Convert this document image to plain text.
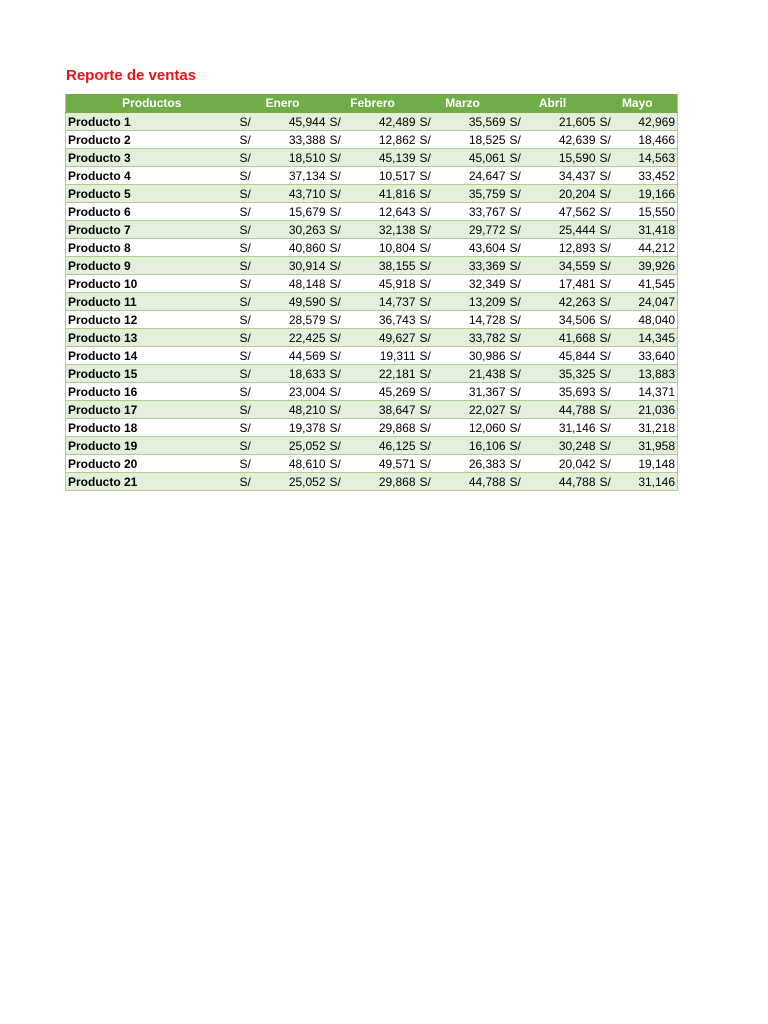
Reporte de ventas
Productos	Enero		Febrero		Marzo		Abril		Mayo	
Producto 1	S/	45,944	S/	42,489	S/	35,569	S/	21,605	S/	42,969
Producto 2	S/	33,388	S/	12,862	S/	18,525	S/	42,639	S/	18,466
Producto 3	S/	18,510	S/	45,139	S/	45,061	S/	15,590	S/	14,563
Producto 4	S/	37,134	S/	10,517	S/	24,647	S/	34,437	S/	33,452
Producto 5	S/	43,710	S/	41,816	S/	35,759	S/	20,204	S/	19,166
Producto 6	S/	15,679	S/	12,643	S/	33,767	S/	47,562	S/	15,550
Producto 7	S/	30,263	S/	32,138	S/	29,772	S/	25,444	S/	31,418
Producto 8	S/	40,860	S/	10,804	S/	43,604	S/	12,893	S/	44,212
Producto 9	S/	30,914	S/	38,155	S/	33,369	S/	34,559	S/	39,926
Producto 10	S/	48,148	S/	45,918	S/	32,349	S/	17,481	S/	41,545
Producto 11	S/	49,590	S/	14,737	S/	13,209	S/	42,263	S/	24,047
Producto 12	S/	28,579	S/	36,743	S/	14,728	S/	34,506	S/	48,040
Producto 13	S/	22,425	S/	49,627	S/	33,782	S/	41,668	S/	14,345
Producto 14	S/	44,569	S/	19,311	S/	30,986	S/	45,844	S/	33,640
Producto 15	S/	18,633	S/	22,181	S/	21,438	S/	35,325	S/	13,883
Producto 16	S/	23,004	S/	45,269	S/	31,367	S/	35,693	S/	14,371
Producto 17	S/	48,210	S/	38,647	S/	22,027	S/	44,788	S/	21,036
Producto 18	S/	19,378	S/	29,868	S/	12,060	S/	31,146	S/	31,218
Producto 19	S/	25,052	S/	46,125	S/	16,106	S/	30,248	S/	31,958
Producto 20	S/	48,610	S/	49,571	S/	26,383	S/	20,042	S/	19,148
Producto 21	S/	25,052	S/	29,868	S/	44,788	S/	44,788	S/	31,146
